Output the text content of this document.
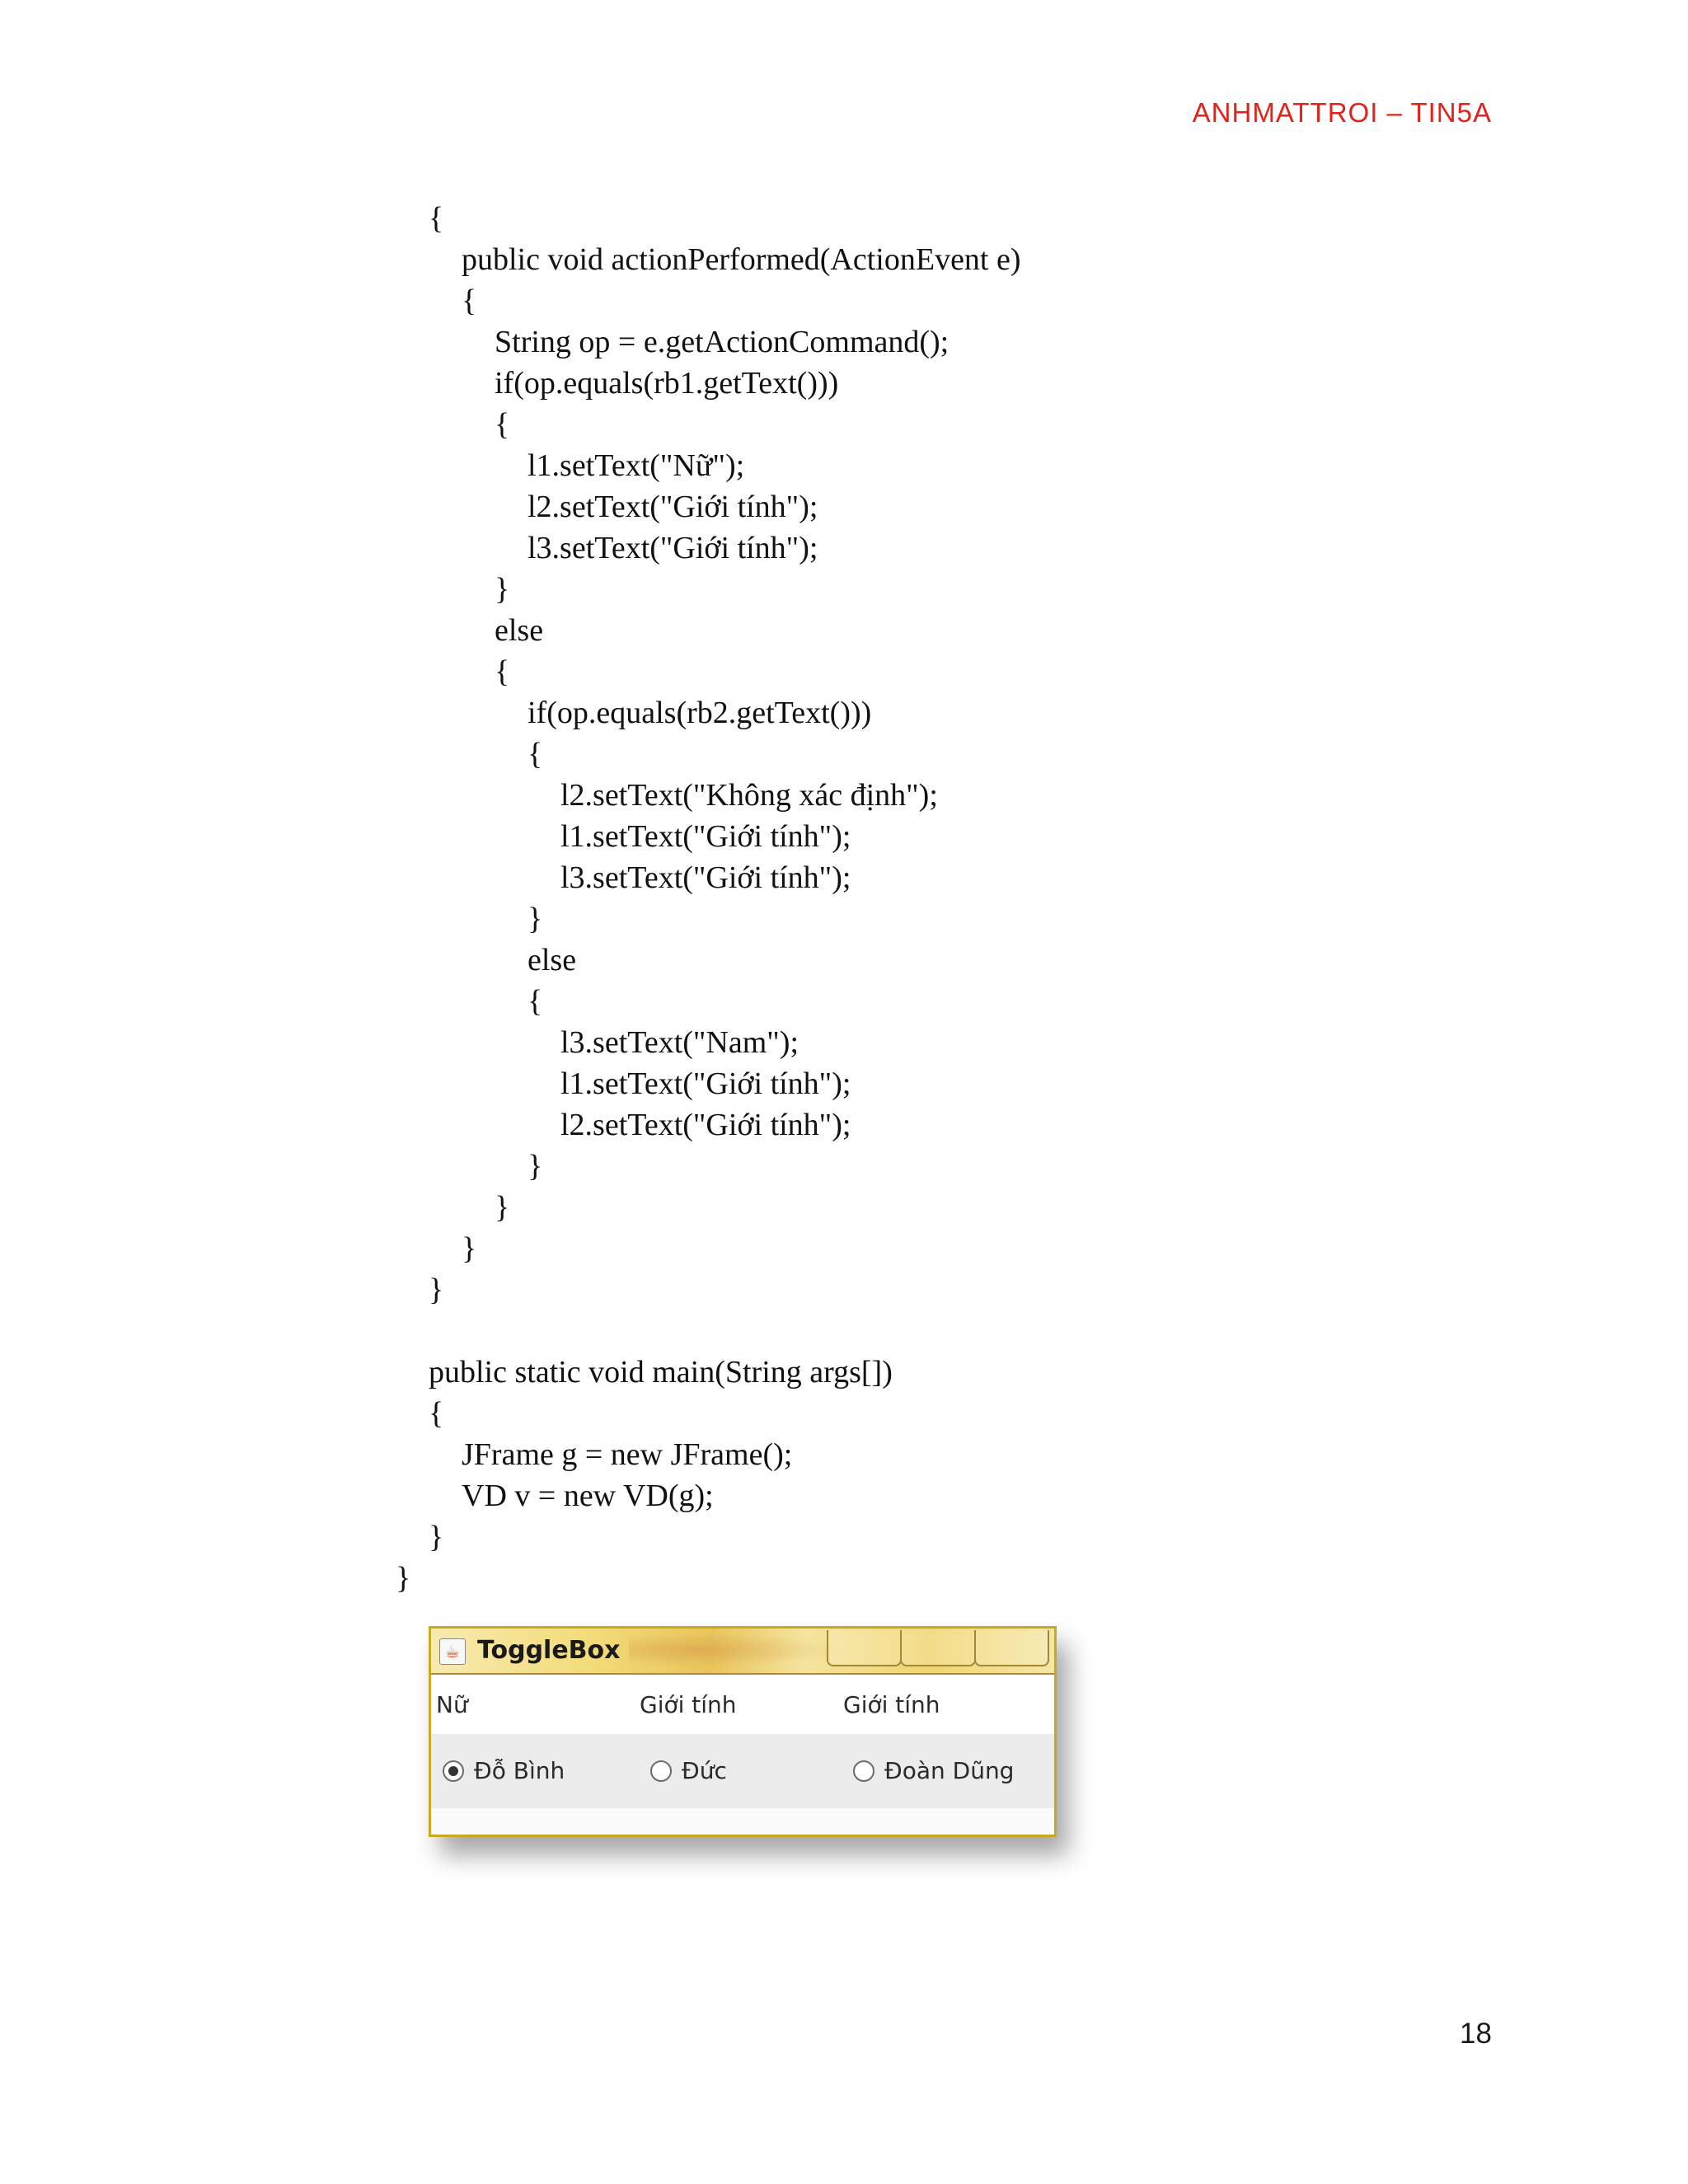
ANHMATTROI – TIN5A
{
public void actionPerformed(ActionEvent e)
{
String op = e.getActionCommand();
if(op.equals(rb1.getText()))
{
l1.setText("Nữ");
l2.setText("Giới tính");
l3.setText("Giới tính");
}
else
{
if(op.equals(rb2.getText()))
{
l2.setText("Không xác định");
l1.setText("Giới tính");
l3.setText("Giới tính");
}
else
{
l3.setText("Nam");
l1.setText("Giới tính");
l2.setText("Giới tính");
}
}
}
}
public static void main(String args[])
{
JFrame g = new JFrame();
VD v = new VD(g);
}
}
☕ ToggleBox
Nữ	Giới tính	Giới tính
Đỗ Bình	Đức	Đoàn Dũng
18
